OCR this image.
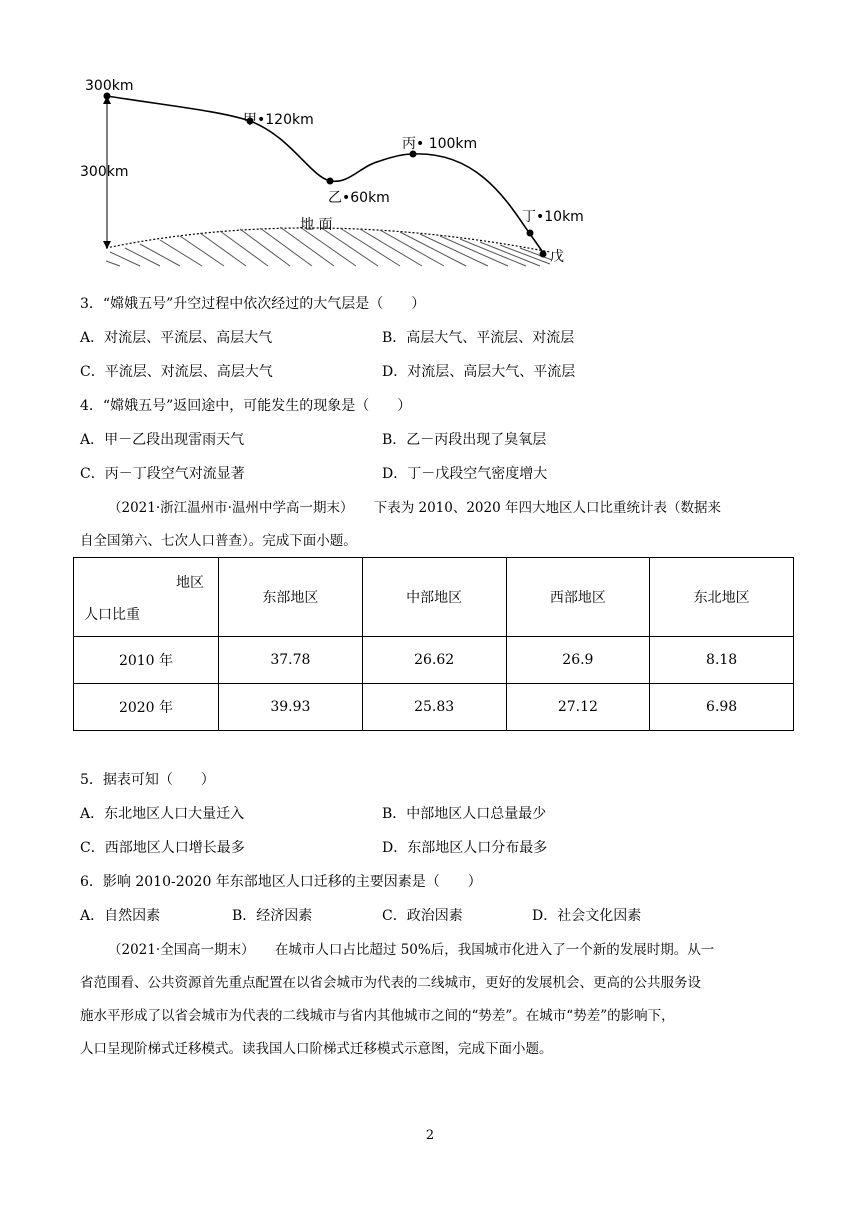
300km
300km
地 面
甲•120km
乙•60km
丙• 100km
丁•10km
戊
3．“嫦娥五号”升空过程中依次经过的大气层是（　　）
A．对流层、平流层、高层大气	B．高层大气、平流层、对流层
C．平流层、对流层、高层大气	D．对流层、高层大气、平流层
4．“嫦娥五号”返回途中，可能发生的现象是（　　）
A．甲－乙段出现雷雨天气	B．乙－丙段出现了臭氧层
C．丙－丁段空气对流显著	D．丁－戊段空气密度增大
（2021·浙江温州市·温州中学高一期末）　　下表为 2010、2020 年四大地区人口比重统计表（数据来
自全国第六、七次人口普查）。完成下面小题。
地区
人口比重	东部地区	中部地区	西部地区	东北地区
2010 年	37.78	26.62	26.9	8.18
2020 年	39.93	25.83	27.12	6.98
5．据表可知（　　）
A．东北地区人口大量迁入	B．中部地区人口总量最少
C．西部地区人口增长最多	D．东部地区人口分布最多
6．影响 2010-2020 年东部地区人口迁移的主要因素是（　　）
A．自然因素	B．经济因素	C．政治因素	D．社会文化因素
（2021·全国高一期末）　　在城市人口占比超过 50%后，我国城市化进入了一个新的发展时期。从一
省范围看、公共资源首先重点配置在以省会城市为代表的二线城市，更好的发展机会、更高的公共服务设
施水平形成了以省会城市为代表的二线城市与省内其他城市之间的“势差”。在城市“势差”的影响下，
人口呈现阶梯式迁移模式。读我国人口阶梯式迁移模式示意图，完成下面小题。
2
